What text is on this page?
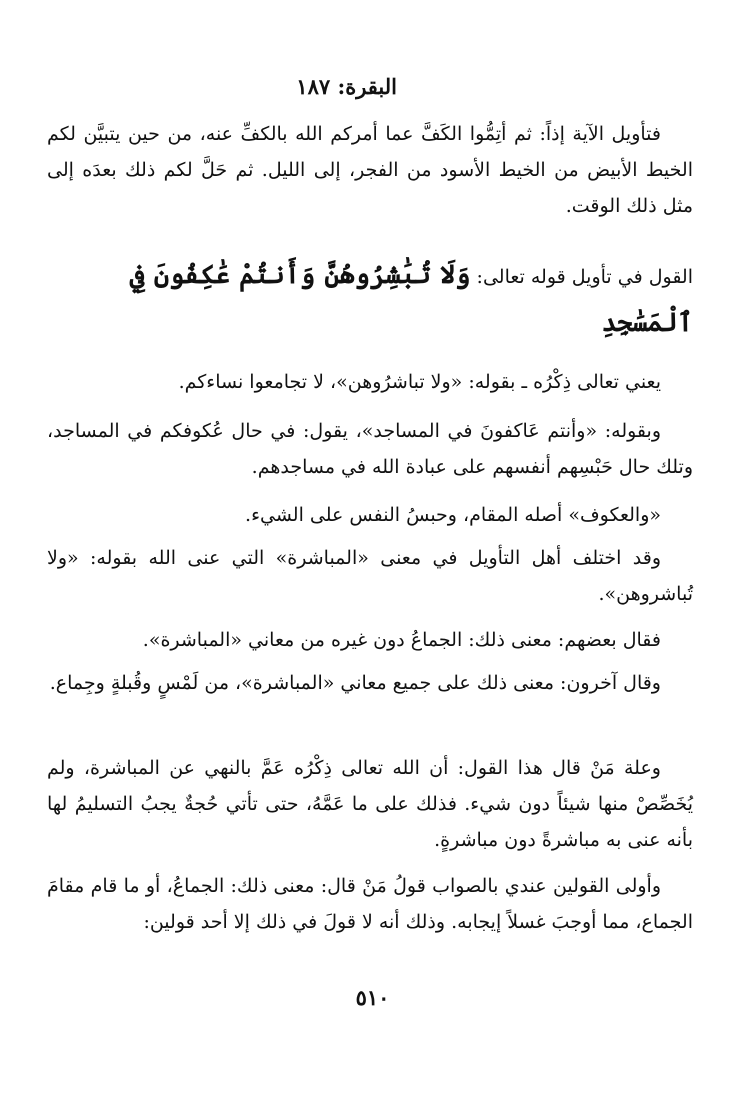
البقرة: ١٨٧

فتأويل الآية إذاً: ثم أتِمُّوا الكَفَّ عما أمركم الله بالكفِّ عنه، من حين يتبيَّن لكم الخيط الأبيض من الخيط الأسود من الفجر، إلى الليل. ثم حَلَّ لكم ذلك بعدَه إلى مثل ذلك الوقت.

القول في تأويل قوله تعالى: وَلَا تُبَٰشِرُوهُنَّ وَأَنتُمْ عَٰكِفُونَ فِي ٱلْمَسَٰجِدِ

يعني تعالى ذِكْرُه ـ بقوله: «ولا تباشرُوهن»، لا تجامعوا نساءكم.

وبقوله: «وأنتم عَاكفونَ في المساجد»، يقول: في حال عُكوفكم في المساجد، وتلك حال حَبْسِهم أنفسهم على عبادة الله في مساجدهم.

«والعكوف» أصله المقام، وحبسُ النفس على الشيء.

وقد اختلف أهل التأويل في معنى «المباشرة» التي عنى الله بقوله: «ولا تُباشروهن».

فقال بعضهم: معنى ذلك: الجماعُ دون غيره من معاني «المباشرة».

وقال آخرون: معنى ذلك على جميع معاني «المباشرة»، من لَمْسٍ وقُبلةٍ وجِماع.

وعلة مَنْ قال هذا القول: أن الله تعالى ذِكْرُه عَمَّ بالنهي عن المباشرة، ولم يُخَصِّصْ منها شيئاً دون شيء. فذلك على ما عَمَّهُ، حتى تأتي حُجةٌ يجبُ التسليمُ لها بأنه عنى به مباشرةً دون مباشرةٍ.

وأولى القولين عندي بالصواب قولُ مَنْ قال: معنى ذلك: الجماعُ، أو ما قام مقامَ الجماع، مما أوجبَ غسلاً إيجابه. وذلك أنه لا قولَ في ذلك إلا أحد قولين:

٥١٠
